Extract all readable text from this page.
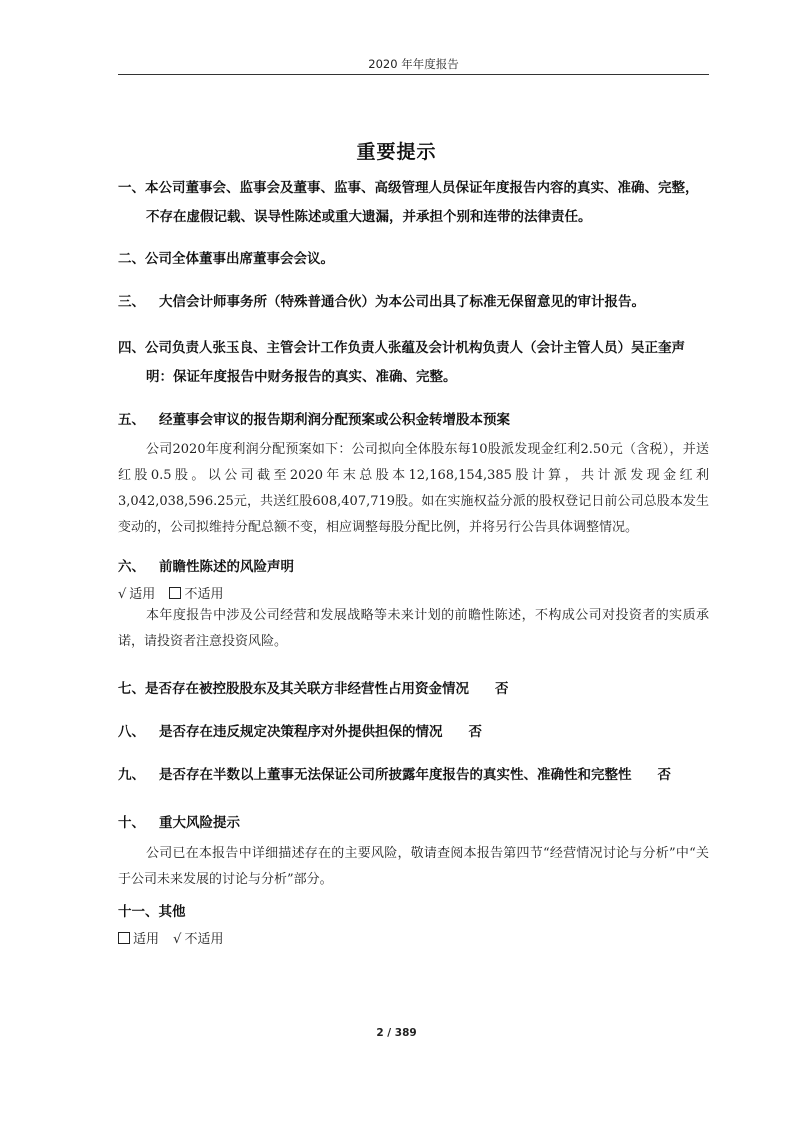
2020 年年度报告
重要提示
一、本公司董事会、监事会及董事、监事、高级管理人员保证年度报告内容的真实、准确、完整，
不存在虚假记载、误导性陈述或重大遗漏，并承担个别和连带的法律责任。
二、公司全体董事出席董事会会议。
三、 大信会计师事务所（特殊普通合伙）为本公司出具了标准无保留意见的审计报告。
四、公司负责人张玉良、主管会计工作负责人张蕴及会计机构负责人（会计主管人员）吴正奎声
明：保证年度报告中财务报告的真实、准确、完整。
五、 经董事会审议的报告期利润分配预案或公积金转增股本预案
公司2020年度利润分配预案如下：公司拟向全体股东每10股派发现金红利2.50元（含税），并送红股0.5股。以公司截至2020年末总股本12,168,154,385股计算，共计派发现金红利3,042,038,596.25元，共送红股608,407,719股。如在实施权益分派的股权登记日前公司总股本发生变动的，公司拟维持分配总额不变，相应调整每股分配比例，并将另行公告具体调整情况。
六、 前瞻性陈述的风险声明
√ 适用 不适用
本年度报告中涉及公司经营和发展战略等未来计划的前瞻性陈述，不构成公司对投资者的实质承诺，请投资者注意投资风险。
七、是否存在被控股股东及其关联方非经营性占用资金情况 否
八、 是否存在违反规定决策程序对外提供担保的情况 否
九、 是否存在半数以上董事无法保证公司所披露年度报告的真实性、准确性和完整性 否
十、 重大风险提示
公司已在本报告中详细描述存在的主要风险，敬请查阅本报告第四节“经营情况讨论与分析”中“关于公司未来发展的讨论与分析”部分。
十一、其他
适用 √ 不适用
2 / 389
